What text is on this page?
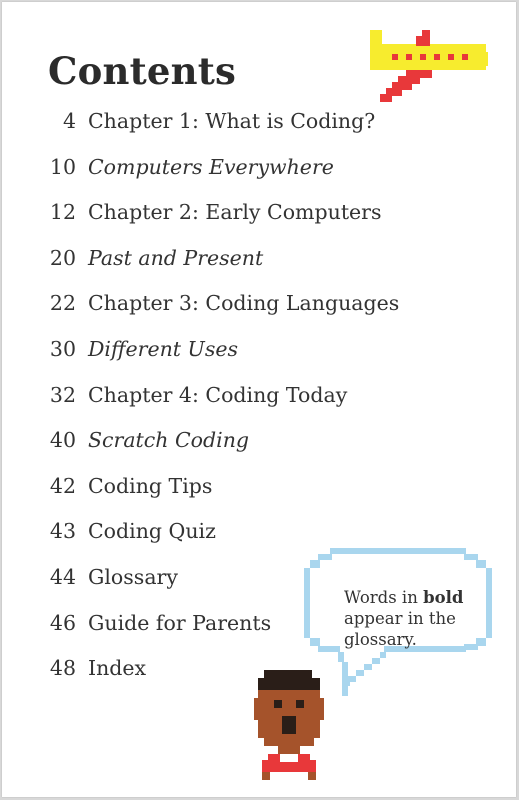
Contents
4 Chapter 1: What is Coding?
10 Computers Everywhere
12 Chapter 2: Early Computers
20 Past and Present
22 Chapter 3: Coding Languages
30 Different Uses
32 Chapter 4: Coding Today
40 Scratch Coding
42 Coding Tips
43 Coding Quiz
44 Glossary
46 Guide for Parents
48 Index
Words in bold
appear in the
glossary.
